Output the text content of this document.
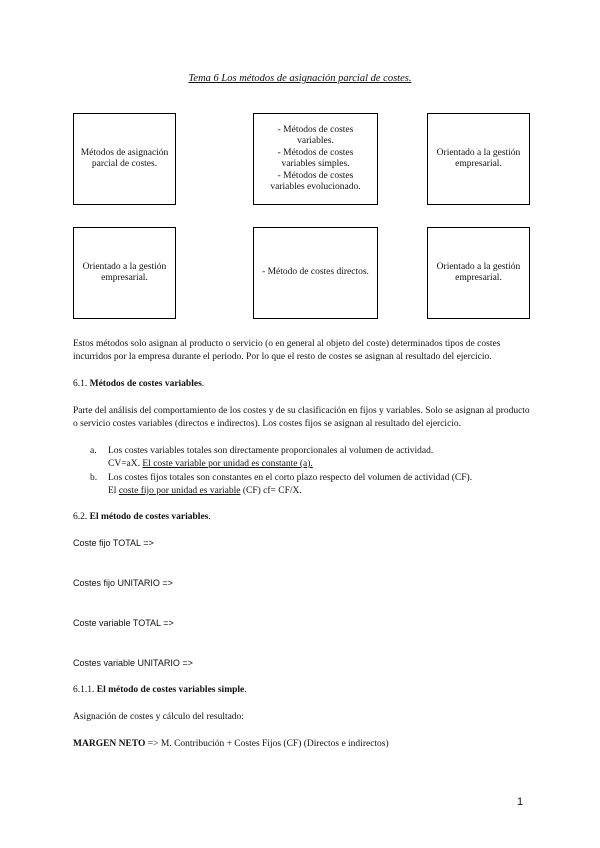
Tema 6 Los métodos de asignación parcial de costes.
Métodos de asignación
parcial de costes.
- Métodos de costes
variables.
- Métodos de costes
variables simples.
- Métodos de costes
variables evolucionado.
Orientado a la gestión
empresarial.
Orientado a la gestión
empresarial.
- Método de costes directos.
Orientado a la gestión
empresarial.
Estos métodos solo asignan al producto o servicio (o en general al objeto del coste) determinados tipos de costes incurridos por la empresa durante el periodo. Por lo que el resto de costes se asignan al resultado del ejercicio.
6.1. Métodos de costes variables.
Parte del análisis del comportamiento de los costes y de su clasificación en fijos y variables. Solo se asignan al producto o servicio costes variables (directos e indirectos). Los costes fijos se asignan al resultado del ejercicio.
a. Los costes variables totales son directamente proporcionales al volumen de actividad.
CV=aX. El coste variable por unidad es constante (a).
b. Los costes fijos totales son constantes en el corto plazo respecto del volumen de actividad (CF).
El coste fijo por unidad es variable (CF) cf= CF/X.
6.2. El método de costes variables.
Coste fijo TOTAL =>
Costes fijo UNITARIO =>
Coste variable TOTAL =>
Costes variable UNITARIO =>
6.1.1. El método de costes variables simple.
Asignación de costes y cálculo del resultado:
MARGEN NETO => M. Contribución + Costes Fijos (CF) (Directos e indirectos)
1
